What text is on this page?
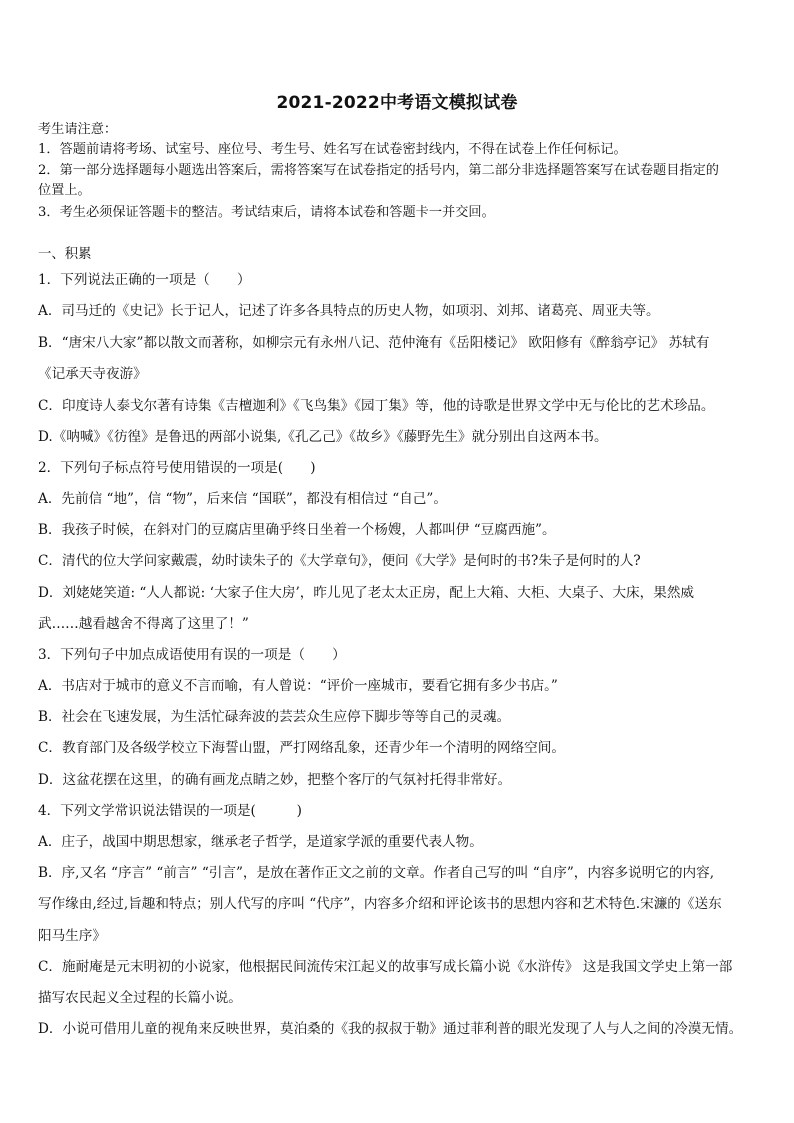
2021-2022中考语文模拟试卷
考生请注意：
1．答题前请将考场、试室号、座位号、考生号、姓名写在试卷密封线内，不得在试卷上作任何标记。
2．第一部分选择题每小题选出答案后，需将答案写在试卷指定的括号内，第二部分非选择题答案写在试卷题目指定的
位置上。
3．考生必须保证答题卡的整洁。考试结束后，请将本试卷和答题卡一并交回。
一、积累
1．下列说法正确的一项是（　　）
A．司马迁的《史记》长于记人，记述了许多各具特点的历史人物，如项羽、刘邦、诸葛亮、周亚夫等。
B．“唐宋八大家”都以散文而著称，如柳宗元有永州八记、范仲淹有《岳阳楼记》 欧阳修有《醉翁亭记》 苏轼有
《记承天寺夜游》
C．印度诗人泰戈尔著有诗集《吉檀迦利》《飞鸟集》《园丁集》等，他的诗歌是世界文学中无与伦比的艺术珍品。
D.《呐喊》《彷徨》是鲁迅的两部小说集,《孔乙己》《故乡》《藤野先生》就分别出自这两本书。
2．下列句子标点符号使用错误的一项是(　　)
A．先前信 “地”，信 “物”，后来信 “国联”，都没有相信过 “自己”。
B．我孩子时候，在斜对门的豆腐店里确乎终日坐着一个杨嫂，人都叫伊 “豆腐西施”。
C．清代的位大学问家戴震，幼时读朱子的《大学章句》，便问《大学》是何时的书?朱子是何时的人?
D．刘姥姥笑道: “人人都说: ‘大家子住大房’，昨儿见了老太太正房，配上大箱、大柜、大桌子、大床，果然威
武……越看越舍不得离了这里了！”
3．下列句子中加点成语使用有误的一项是（　　）
A．书店对于城市的意义不言而喻，有人曾说：“评价一座城市，要看它拥有多少书店。”
B．社会在飞速发展，为生活忙碌奔波的芸芸众生应停下脚步等等自己的灵魂。
C．教育部门及各级学校立下海誓山盟，严打网络乱象，还青少年一个清明的网络空间。
D．这盆花摆在这里，的确有画龙点睛之妙，把整个客厅的气氛衬托得非常好。
4．下列文学常识说法错误的一项是(　　　)
A．庄子，战国中期思想家，继承老子哲学，是道家学派的重要代表人物。
B．序,又名 “序言” “前言” “引言”，是放在著作正文之前的文章。作者自己写的叫 “自序”，内容多说明它的内容,
写作缘由,经过,旨趣和特点；别人代写的序叫 “代序”，内容多介绍和评论该书的思想内容和艺术特色.宋濂的《送东
阳马生序》
C．施耐庵是元末明初的小说家，他根据民间流传宋江起义的故事写成长篇小说《水浒传》 这是我国文学史上第一部
描写农民起义全过程的长篇小说。
D．小说可借用儿童的视角来反映世界，莫泊桑的《我的叔叔于勒》通过菲利普的眼光发现了人与人之间的冷漠无情。
